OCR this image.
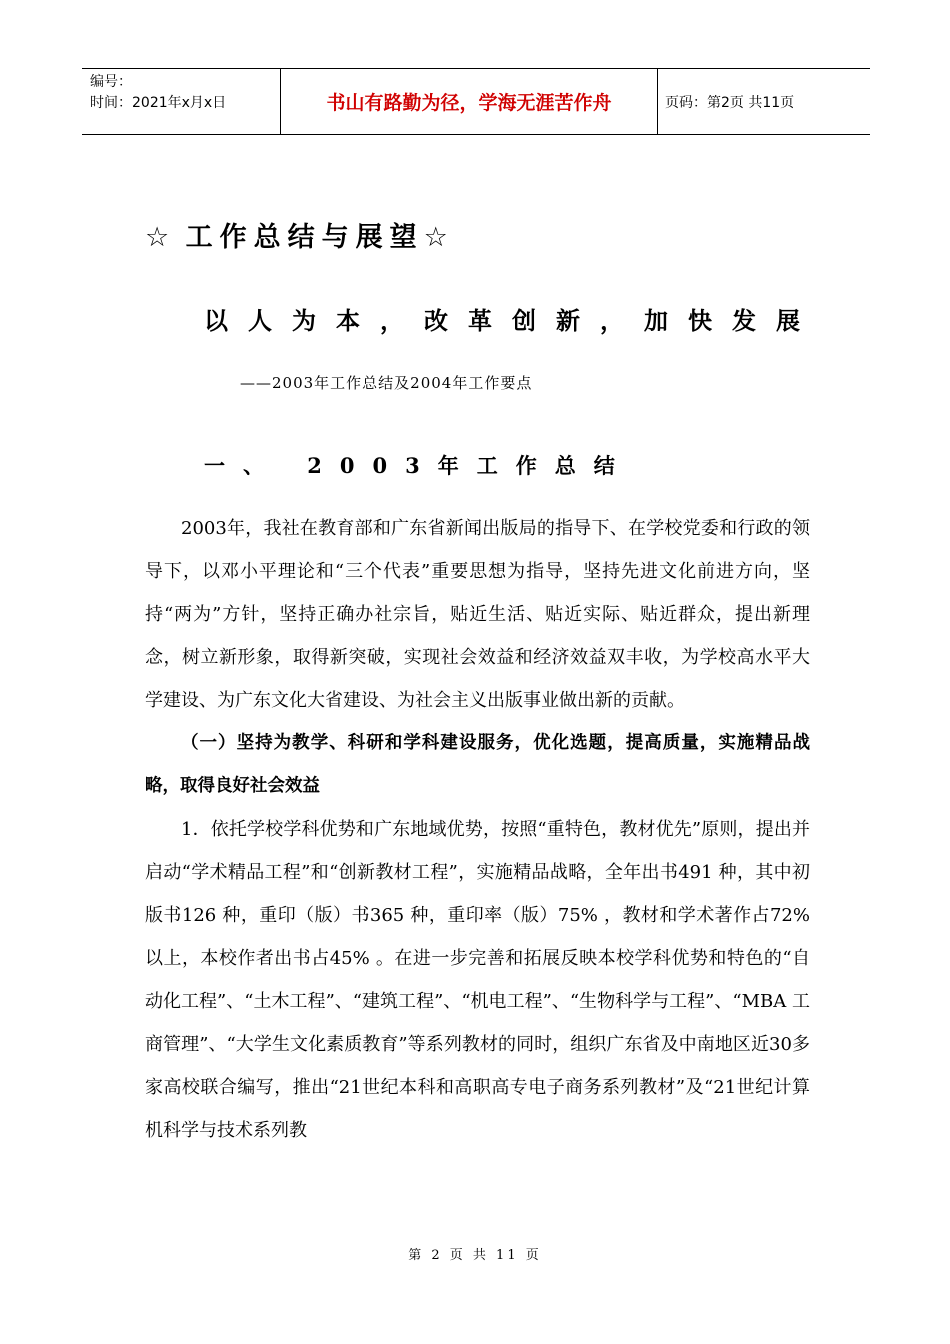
编号：
时间：2021年x月x日	书山有路勤为径，学海无涯苦作舟	页码：第2页 共11页
☆ 工作总结与展望☆
以人为本，改革创新，加快发展
——2003年工作总结及2004年工作要点
一、 2003年工作总结

2003年，我社在教育部和广东省新闻出版局的指导下、在学校党委和行政的领导下，以邓小平理论和“三个代表”重要思想为指导，坚持先进文化前进方向，坚持“两为”方针，坚持正确办社宗旨，贴近生活、贴近实际、贴近群众，提出新理念，树立新形象，取得新突破，实现社会效益和经济效益双丰收，为学校高水平大学建设、为广东文化大省建设、为社会主义出版事业做出新的贡献。

（一）坚持为教学、科研和学科建设服务，优化选题，提高质量，实施精品战略，取得良好社会效益

1．依托学校学科优势和广东地域优势，按照“重特色，教材优先”原则，提出并启动“学术精品工程”和“创新教材工程”，实施精品战略，全年出书491 种，其中初版书126 种，重印（版）书365 种，重印率（版）75% ，教材和学术著作占72% 以上，本校作者出书占45% 。在进一步完善和拓展反映本校学科优势和特色的“自动化工程”、“土木工程”、“建筑工程”、“机电工程”、“生物科学与工程”、“MBA 工商管理”、“大学生文化素质教育”等系列教材的同时，组织广东省及中南地区近30多家高校联合编写，推出“21世纪本科和高职高专电子商务系列教材”及“21世纪计算机科学与技术系列教

第 2 页 共 11 页
